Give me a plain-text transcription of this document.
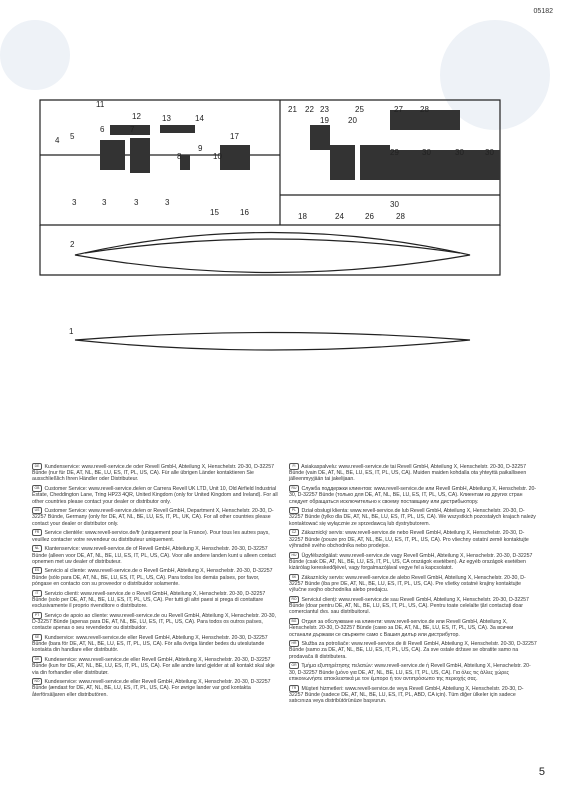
05182
1
2
3	3	3	3
4 5
6	7
8
9
10
11
12	13	14
15	16
17
18
19 20
21 22 23
24
25
26
27 28
28
29	30	30	30
30

DE Kundenservice: www.revell-service.de oder Revell GmbH, Abteilung X, Henschelstr. 20-30, D-32257 Bünde (nur für DE, AT, NL, BE, LU, ES, IT, PL, US, CA). Für alle übrigen Länder kontaktieren Sie ausschließlich Ihren Händler oder Distributeur.

GB Customer Service: www.revell-service.de/en or Carrera Revell UK LTD, Unit 10, Old Airfield Industrial Estate, Cheddington Lane, Tring HP23 4QR, United Kingdom (only for United Kingdom and Ireland). For all other countries please contact your dealer or distributor only.

US Customer Service: www.revell-service.de/en or Revell GmbH, Department X, Henschelstr. 20-30, D-32257 Bünde, Germany (only for DE, AT, NL, BE, LU, ES, IT, PL, UK, CA). For all other countries please contact your dealer or distributor only.

FR Service clientèle: www.revell-service.de/fr (uniquement pour la France). Pour tous les autres pays, veuillez contacter votre revendeur ou distributeur uniquement.

NL Klantenservice: www.revell-service.de of Revell GmbH, Abteilung X, Henschelstr. 20-30, D-32257 Bünde (alleen voor DE, AT, NL, BE, LU, ES, IT, PL, US, CA). Voor alle andere landen kunt u alleen contact opnemen met uw dealer of distributeur.

ES Servicio al cliente: www.revell-service.de o Revell GmbH, Abteilung X, Henschelstr. 20-30, D-32257 Bünde (sólo para DE, AT, NL, BE, LU, ES, IT, PL, US, CA). Para todos los demás países, por favor, póngase en contacto con su proveedor o distribuidor solamente.

IT Servizio clienti: www.revell-service.de o Revell GmbH, Abteilung X, Henschelstr. 20-30, D-32257 Bünde (solo per DE, AT, NL, BE, LU, ES, IT, PL, US, CA). Per tutti gli altri paesi si prega di contattare esclusivamente il proprio rivenditore o distributore.

PT Serviço de apoio ao cliente: www.revell-service.de ou Revell GmbH, Abteilung X, Henschelstr. 20-30, D-32257 Bünde (apenas para DE, AT, NL, BE, LU, ES, IT, PL, US, CA). Para todos os outros países, contacte apenas o seu revendedor ou distribuidor.

SE Kundservice: www.revell-service.de eller Revell GmbH, Abteilung X, Henschelstr. 20-30, D-32257 Bünde (bara för DE, AT, NL, BE, LU, ES, IT, PL, US, CA). För alla övriga länder bedes du uteslutande kontakta din handlare eller distributör.

DK Kundeservice: www.revell-service.de eller Revell GmbH, Abteilung X, Henschelstr. 20-30, D-32257 Bünde (kun for DE, AT, NL, BE, LU, ES, IT, PL, US, CA). For alle andre land gjelder at all kontakt skal skje via din forhandler eller distributør.

NO Kundeservice: www.revell-service.de eller Revell GmbH, Abteilung X, Henschelstr. 20-30, D-32257 Bünde (ændast for DE, AT, NL, BE, LU, ES, IT, PL, US, CA). For øvrige lander var god kontakta återförsäljaren eller distributören.

FI Asiakaspalvelu: www.revell-service.de tai Revell GmbH, Abteilung X, Henschelstr. 20-30, D-32257 Bünde (vain DE, AT, NL, BE, LU, ES, IT, PL, US, CA). Muiden maiden kohdalla ota yhteyttä paikalliseen jälleenmyyjään tai jakelijaan.

RU Служба поддержки клиентов: www.revell-service.de или Revell GmbH, Abteilung X, Henschelstr. 20-30, D-32257 Bünde (только для DE, AT, NL, BE, LU, ES, IT, PL, US, CA). Клиентам из других стран следует обращаться исключительно к своему поставщику или дистрибьютору.

PL Dział obsługi klienta: www.revell-service.de lub Revell GmbH, Abteilung X, Henschelstr. 20-30, D-32257 Bünde (tylko dla DE, AT, NL, BE, LU, ES, IT, PL, US, CA). We wszystkich pozostałych krajach należy kontaktować się wyłącznie ze sprzedawcą lub dystrybutorem.

CZ Zákaznický servis: www.revell-service.de nebo Revell GmbH, Abteilung X, Henschelstr. 20-30, D-32257 Bünde (pouze pro DE, AT, NL, BE, LU, ES, IT, PL, US, CA). Pro všechny ostatní země kontaktujte výhradně svého obchodníka nebo prodejce.

HU Ügyfélszolgálat: www.revell-service.de vagy Revell GmbH, Abteilung X, Henschelstr. 20-30, D-32257 Bünde (csak DE, AT, NL, BE, LU, ES, IT, PL, US, CA országok esetében). Az egyéb országok esetében kizárólag kereskedőjével, vagy forgalmazójával vegye fel a kapcsolatot.

SK Zákaznícky servis: www.revell-service.de alebo Revell GmbH, Abteilung X, Henschelstr. 20-30, D-32257 Bünde (iba pre DE, AT, NL, BE, LU, ES, IT, PL, US, CA). Pre všetky ostatné krajiny kontaktujte výlučne svojho obchodníka alebo predajcu.

RO Serviciul clienți: www.revell-service.de sau Revell GmbH, Abteilung X, Henschelstr. 20-30, D-32257 Bünde (doar pentru DE, AT, NL, BE, LU, ES, IT, PL, US, CA). Pentru toate celelalte țări contactați doar comerciantul dvs. sau distribuitorul.

BG Отдел за обслужване на клиенти: www.revell-service.de или Revell GmbH, Abteilung X, Henschelstr. 20-30, D-32257 Bünde (само за DE, AT, NL, BE, LU, ES, IT, PL, US, CA). За всички останали държави се свържете само с Вашия дилър или дистрибутор.

HR Služba za potrošače: www.revell-service.de ili Revell GmbH, Abteilung X, Henschelstr. 20-30, D-32257 Bünde (samo za DE, AT, NL, BE, LU, ES, IT, PL, US, CA). Za sve ostale države se obratite samo na prodavača ili distributera.

GR Τμήμα εξυπηρέτησης πελατών: www.revell-service.de ή Revell GmbH, Abteilung X, Henschelstr. 20-30, D-32257 Bünde (μόνο για DE, AT, NL, BE, LU, ES, IT, PL, US, CA). Για όλες τις άλλες χώρες επικοινωνήστε αποκλειστικά με τον έμπορο ή τον αντιπρόσωπο της περιοχής σας.

TR Müşteri hizmetleri: www.revell-service.de veya Revell GmbH, Abteilung X, Henschelstr. 20-30, D-32257 Bünde (sadece DE, AT, NL, BE, LU, ES, IT, PL, ABD, CA için). Tüm diğer ülkeler için sadece satıcınıza veya distribütörünüze başvurun.

5
